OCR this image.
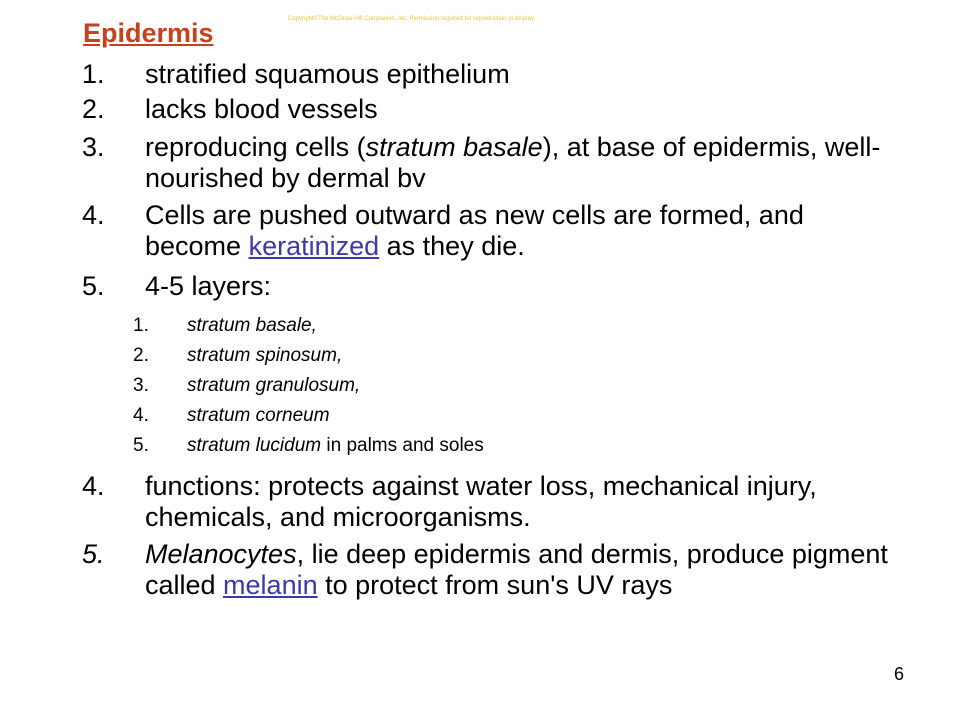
Copyright©The McGraw-Hill Companies, Inc. Permission required for reproduction or display.
Epidermis
1. stratified squamous epithelium
2. lacks blood vessels
3. reproducing cells (stratum basale), at base of epidermis, well-nourished by dermal bv
4. Cells are pushed outward as new cells are formed, and become keratinized as they die.
5. 4-5 layers:
1. stratum basale,
2. stratum spinosum,
3. stratum granulosum,
4. stratum corneum
5. stratum lucidum in palms and soles
4. functions: protects against water loss, mechanical injury, chemicals, and microorganisms.
5. Melanocytes, lie deep epidermis and dermis, produce pigment called melanin to protect from sun's UV rays
6
